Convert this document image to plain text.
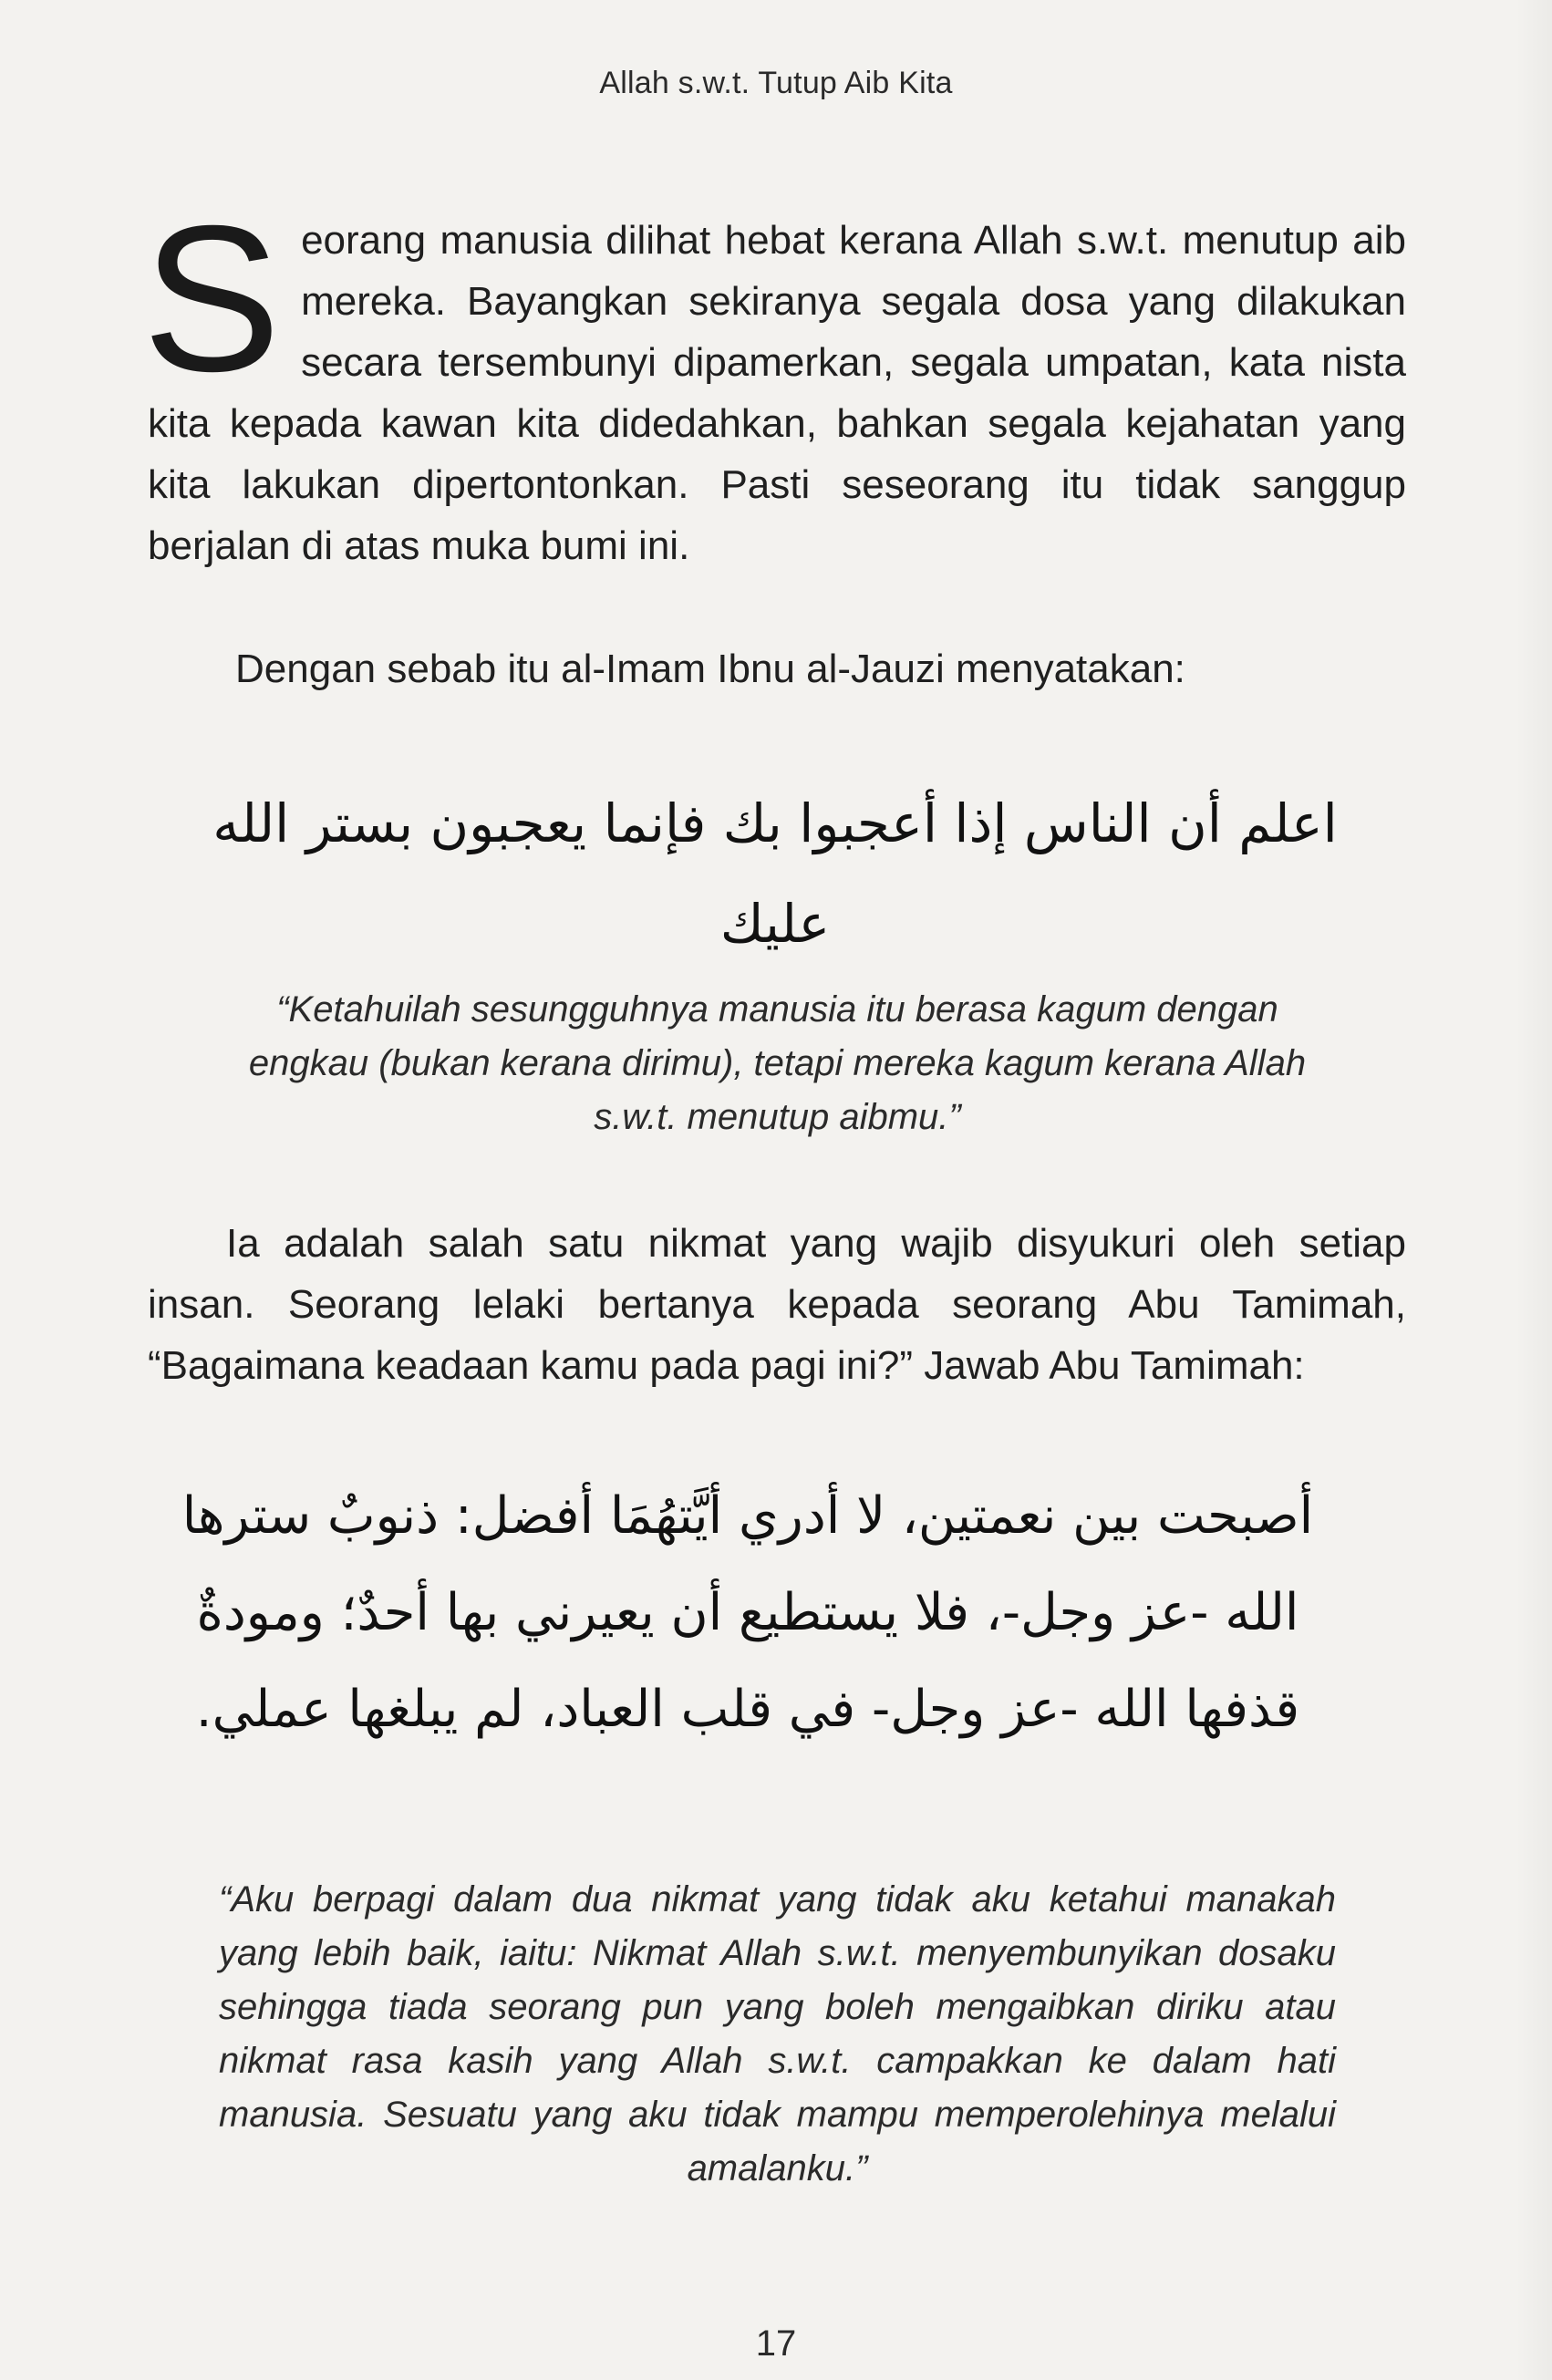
Allah s.w.t. Tutup Aib Kita
Seorang manusia dilihat hebat kerana Allah s.w.t. menutup aib mereka. Bayangkan sekiranya segala dosa yang dilakukan secara tersembunyi dipamerkan, segala umpatan, kata nista kita kepada kawan kita didedahkan, bahkan segala kejahatan yang kita lakukan dipertontonkan. Pasti seseorang itu tidak sanggup berjalan di atas muka bumi ini.
Dengan sebab itu al-Imam Ibnu al-Jauzi menyatakan:
اعلم أن الناس إذا أعجبوا بك فإنما يعجبون بستر الله عليك
“Ketahuilah sesungguhnya manusia itu berasa kagum dengan engkau (bukan kerana dirimu), tetapi mereka kagum kerana Allah s.w.t. menutup aibmu.”
Ia adalah salah satu nikmat yang wajib disyukuri oleh setiap insan. Seorang lelaki bertanya kepada seorang Abu Tamimah, “Bagaimana keadaan kamu pada pagi ini?” Jawab Abu Tamimah:
أصبحت بين نعمتين، لا أدري أيَّتهُمَا أفضل: ذنوبٌ سترها الله -عز وجل-، فلا يستطيع أن يعيرني بها أحدٌ؛ ومودةٌ قذفها الله -عز وجل- في قلب العباد، لم يبلغها عملي.
“Aku berpagi dalam dua nikmat yang tidak aku ketahui manakah yang lebih baik, iaitu: Nikmat Allah s.w.t. menyembunyikan dosaku sehingga tiada seorang pun yang boleh mengaibkan diriku atau nikmat rasa kasih yang Allah s.w.t. campakkan ke dalam hati manusia. Sesuatu yang aku tidak mampu memperolehinya melalui amalanku.”
17
